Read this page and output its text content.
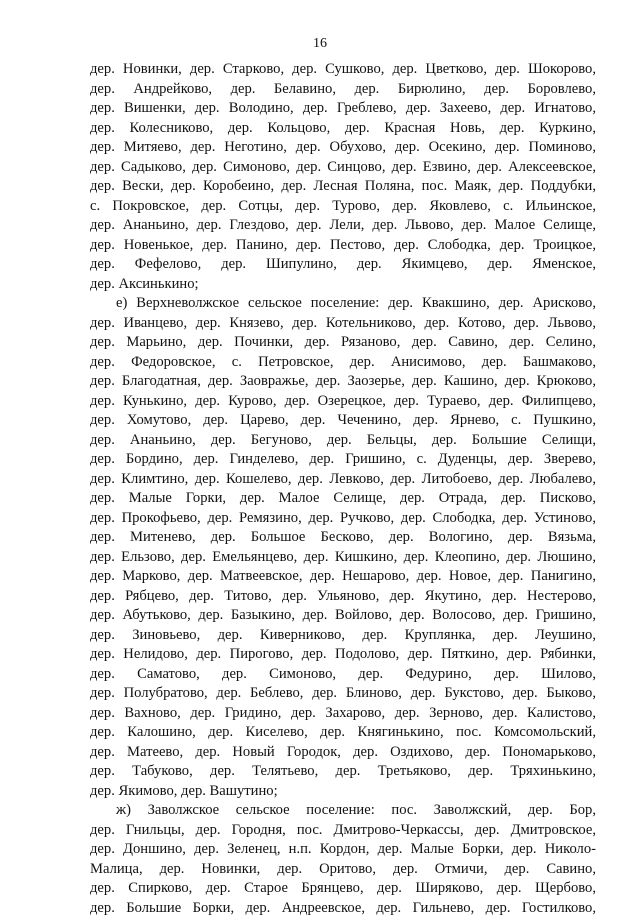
16
дер. Новинки, дер. Старково, дер. Сушково, дер. Цветково, дер. Шокорово,
дер. Андрейково, дер. Белавино, дер. Бирюлино, дер. Боровлево,
дер. Вишенки, дер. Володино, дер. Греблево, дер. Захеево, дер. Игнатово,
дер. Колесниково, дер. Кольцово, дер. Красная Новь, дер. Куркино,
дер. Митяево, дер. Неготино, дер. Обухово, дер. Осекино, дер. Поминово,
дер. Садыково, дер. Симоново, дер. Синцово, дер. Езвино, дер. Алексеевское,
дер. Вески, дер. Коробеино, дер. Лесная Поляна, пос. Маяк, дер. Поддубки,
с. Покровское, дер. Сотцы, дер. Турово, дер. Яковлево, с. Ильинское,
дер. Ананьино, дер. Глездово, дер. Лели, дер. Львово, дер. Малое Селище,
дер. Новенькое, дер. Панино, дер. Пестово, дер. Слободка, дер. Троицкое,
дер. Фефелово, дер. Шипулино, дер. Якимцево, дер. Яменское,
дер. Аксинькино;
е) Верхневолжское сельское поселение: дер. Квакшино, дер. Арисково,
дер. Иванцево, дер. Князево, дер. Котельниково, дер. Котово, дер. Львово,
дер. Марьино, дер. Починки, дер. Рязаново, дер. Савино, дер. Селино,
дер. Федоровское, с. Петровское, дер. Анисимово, дер. Башмаково,
дер. Благодатная, дер. Заовражье, дер. Заозерье, дер. Кашино, дер. Крюково,
дер. Кунькино, дер. Курово, дер. Озерецкое, дер. Тураево, дер. Филипцево,
дер. Хомутово, дер. Царево, дер. Чеченино, дер. Ярнево, с. Пушкино,
дер. Ананьино, дер. Бегуново, дер. Бельцы, дер. Большие Селищи,
дер. Бордино, дер. Гинделево, дер. Гришино, с. Дуденцы, дер. Зверево,
дер. Климтино, дер. Кошелево, дер. Левково, дер. Литобоево, дер. Любалево,
дер. Малые Горки, дер. Малое Селище, дер. Отрада, дер. Писково,
дер. Прокофьево, дер. Ремязино, дер. Ручково, дер. Слободка, дер. Устиново,
дер. Митенево, дер. Большое Бесково, дер. Вологино, дер. Вязьма,
дер. Ельзово, дер. Емельянцево, дер. Кишкино, дер. Клеопино, дер. Люшино,
дер. Марково, дер. Матвеевское, дер. Нешарово, дер. Новое, дер. Панигино,
дер. Рябцево, дер. Титово, дер. Ульяново, дер. Якутино, дер. Нестерово,
дер. Абутьково, дер. Базыкино, дер. Войлово, дер. Волосово, дер. Гришино,
дер. Зиновьево, дер. Киверниково, дер. Круплянка, дер. Леушино,
дер. Нелидово, дер. Пирогово, дер. Подолово, дер. Пяткино, дер. Рябинки,
дер. Саматово, дер. Симоново, дер. Федурино, дер. Шилово,
дер. Полубратово, дер. Беблево, дер. Блиново, дер. Букстово, дер. Быково,
дер. Вахново, дер. Гридино, дер. Захарово, дер. Зерново, дер. Калистово,
дер. Калошино, дер. Киселево, дер. Княгинькино, пос. Комсомольский,
дер. Матеево, дер. Новый Городок, дер. Оздихово, дер. Пономарьково,
дер. Табуково, дер. Телятьево, дер. Третьяково, дер. Тряхинькино,
дер. Якимово, дер. Вашутино;
ж) Заволжское сельское поселение: пос. Заволжский, дер. Бор,
дер. Гнильцы, дер. Городня, пос. Дмитрово-Черкассы, дер. Дмитровское,
дер. Доншино, дер. Зеленец, н.п. Кордон, дер. Малые Борки, дер. Николо-
Малица, дер. Новинки, дер. Оритово, дер. Отмичи, дер. Савино,
дер. Спирково, дер. Старое Брянцево, дер. Ширяково, дер. Щербово,
дер. Большие Борки, дер. Андреевское, дер. Гильнево, дер. Гостилково,
